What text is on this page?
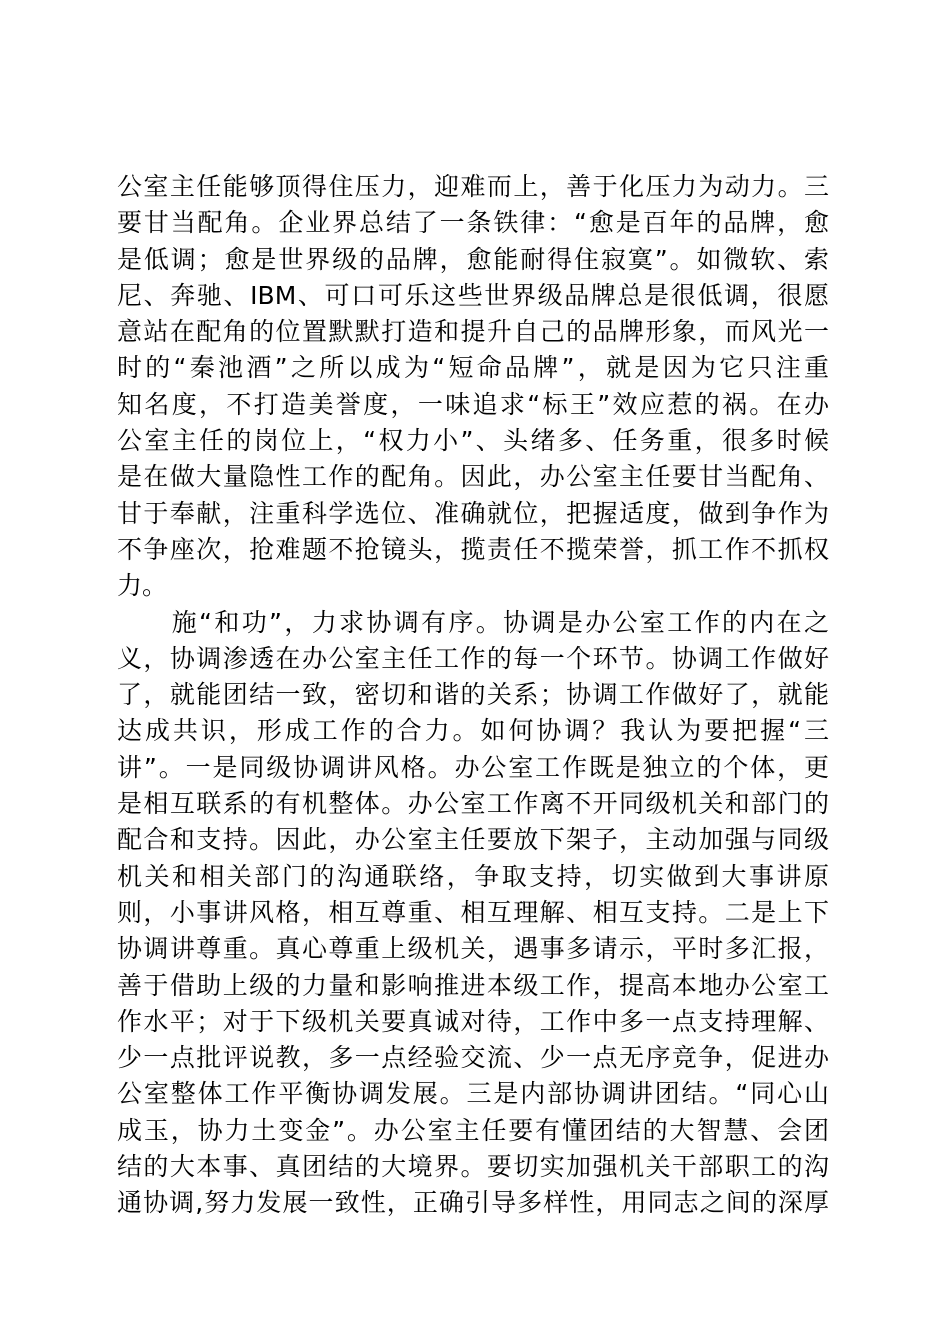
公室主任能够顶得住压力，迎难而上，善于化压力为动力。三
要甘当配角。企业界总结了一条铁律：“愈是百年的品牌，愈
是低调；愈是世界级的品牌，愈能耐得住寂寞”。如微软、索
尼、奔驰、IBM、可口可乐这些世界级品牌总是很低调，很愿
意站在配角的位置默默打造和提升自己的品牌形象，而风光一
时的“秦池酒”之所以成为“短命品牌”，就是因为它只注重
知名度，不打造美誉度，一味追求“标王”效应惹的祸。在办
公室主任的岗位上，“权力小”、头绪多、任务重，很多时候
是在做大量隐性工作的配角。因此，办公室主任要甘当配角、
甘于奉献，注重科学选位、准确就位，把握适度，做到争作为
不争座次，抢难题不抢镜头，揽责任不揽荣誉，抓工作不抓权
力。
　　施“和功”，力求协调有序。协调是办公室工作的内在之
义，协调渗透在办公室主任工作的每一个环节。协调工作做好
了，就能团结一致，密切和谐的关系；协调工作做好了，就能
达成共识，形成工作的合力。如何协调？我认为要把握“三
讲”。一是同级协调讲风格。办公室工作既是独立的个体，更
是相互联系的有机整体。办公室工作离不开同级机关和部门的
配合和支持。因此，办公室主任要放下架子，主动加强与同级
机关和相关部门的沟通联络，争取支持，切实做到大事讲原
则，小事讲风格，相互尊重、相互理解、相互支持。二是上下
协调讲尊重。真心尊重上级机关，遇事多请示，平时多汇报，
善于借助上级的力量和影响推进本级工作，提高本地办公室工
作水平；对于下级机关要真诚对待，工作中多一点支持理解、
少一点批评说教，多一点经验交流、少一点无序竞争，促进办
公室整体工作平衡协调发展。三是内部协调讲团结。“同心山
成玉，协力土变金”。办公室主任要有懂团结的大智慧、会团
结的大本事、真团结的大境界。要切实加强机关干部职工的沟
通协调,努力发展一致性，正确引导多样性，用同志之间的深厚
